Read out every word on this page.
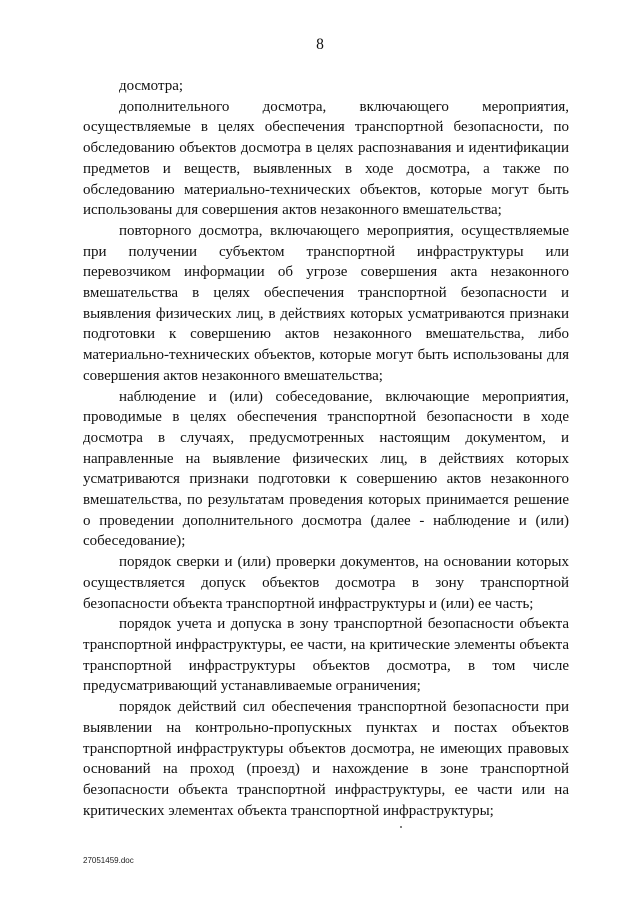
8

досмотра;

дополнительного досмотра, включающего мероприятия, осуществляемые в целях обеспечения транспортной безопасности, по обследованию объектов досмотра в целях распознавания и идентификации предметов и веществ, выявленных в ходе досмотра, а также по обследованию материально-технических объектов, которые могут быть использованы для совершения актов незаконного вмешательства;

повторного досмотра, включающего мероприятия, осуществляемые при получении субъектом транспортной инфраструктуры или перевозчиком информации об угрозе совершения акта незаконного вмешательства в целях обеспечения транспортной безопасности и выявления физических лиц, в действиях которых усматриваются признаки подготовки к совершению актов незаконного вмешательства, либо материально-технических объектов, которые могут быть использованы для совершения актов незаконного вмешательства;

наблюдение и (или) собеседование, включающие мероприятия, проводимые в целях обеспечения транспортной безопасности в ходе досмотра в случаях, предусмотренных настоящим документом, и направленные на выявление физических лиц, в действиях которых усматриваются признаки подготовки к совершению актов незаконного вмешательства, по результатам проведения которых принимается решение о проведении дополнительного досмотра (далее - наблюдение и (или) собеседование);

порядок сверки и (или) проверки документов, на основании которых осуществляется допуск объектов досмотра в зону транспортной безопасности объекта транспортной инфраструктуры и (или) ее часть;

порядок учета и допуска в зону транспортной безопасности объекта транспортной инфраструктуры, ее части, на критические элементы объекта транспортной инфраструктуры объектов досмотра, в том числе предусматривающий устанавливаемые ограничения;

порядок действий сил обеспечения транспортной безопасности при выявлении на контрольно-пропускных пунктах и постах объектов транспортной инфраструктуры объектов досмотра, не имеющих правовых оснований на проход (проезд) и нахождение в зоне транспортной безопасности объекта транспортной инфраструктуры, ее части или на критических элементах объекта транспортной инфраструктуры;

27051459.doc
